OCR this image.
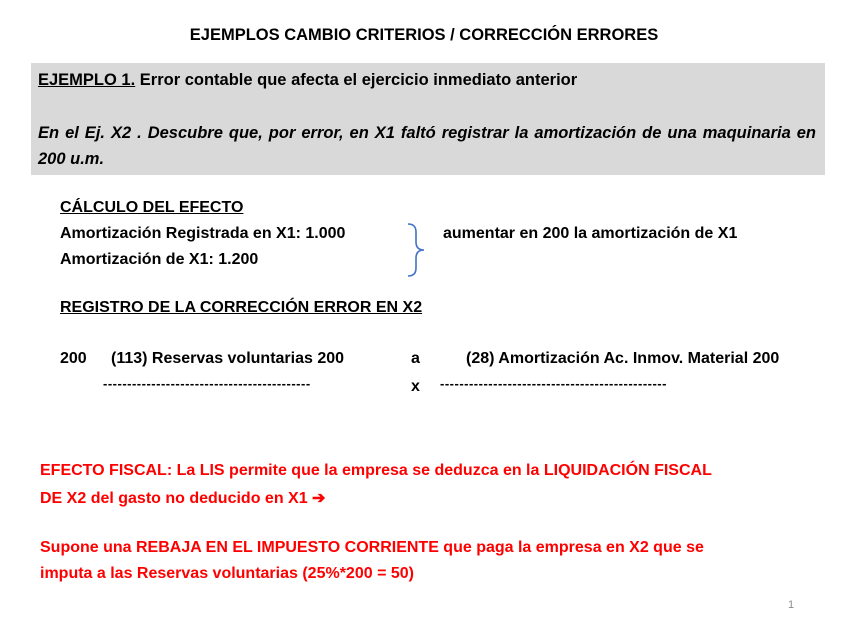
EJEMPLOS CAMBIO CRITERIOS / CORRECCIÓN ERRORES
EJEMPLO 1. Error contable que afecta el ejercicio inmediato anterior
En el Ej. X2 . Descubre que, por error, en X1 faltó registrar la amortización de una maquinaria en 200 u.m.
CÁLCULO DEL EFECTO
Amortización Registrada en X1: 1.000
Amortización de X1: 1.200
aumentar en 200 la amortización de X1
REGISTRO DE LA CORRECCIÓN ERROR EN X2
200 (113) Reservas voluntarias 200	a	(28) Amortización Ac. Inmov. Material 200
-------------------------------------------	x -----------------------------------------------
EFECTO FISCAL: La LIS permite que la empresa se deduzca en la LIQUIDACIÓN FISCAL
DE X2 del gasto no deducido en X1 ➔
Supone una REBAJA EN EL IMPUESTO CORRIENTE que paga la empresa en X2 que se
imputa a las Reservas voluntarias (25%*200 = 50)
1
